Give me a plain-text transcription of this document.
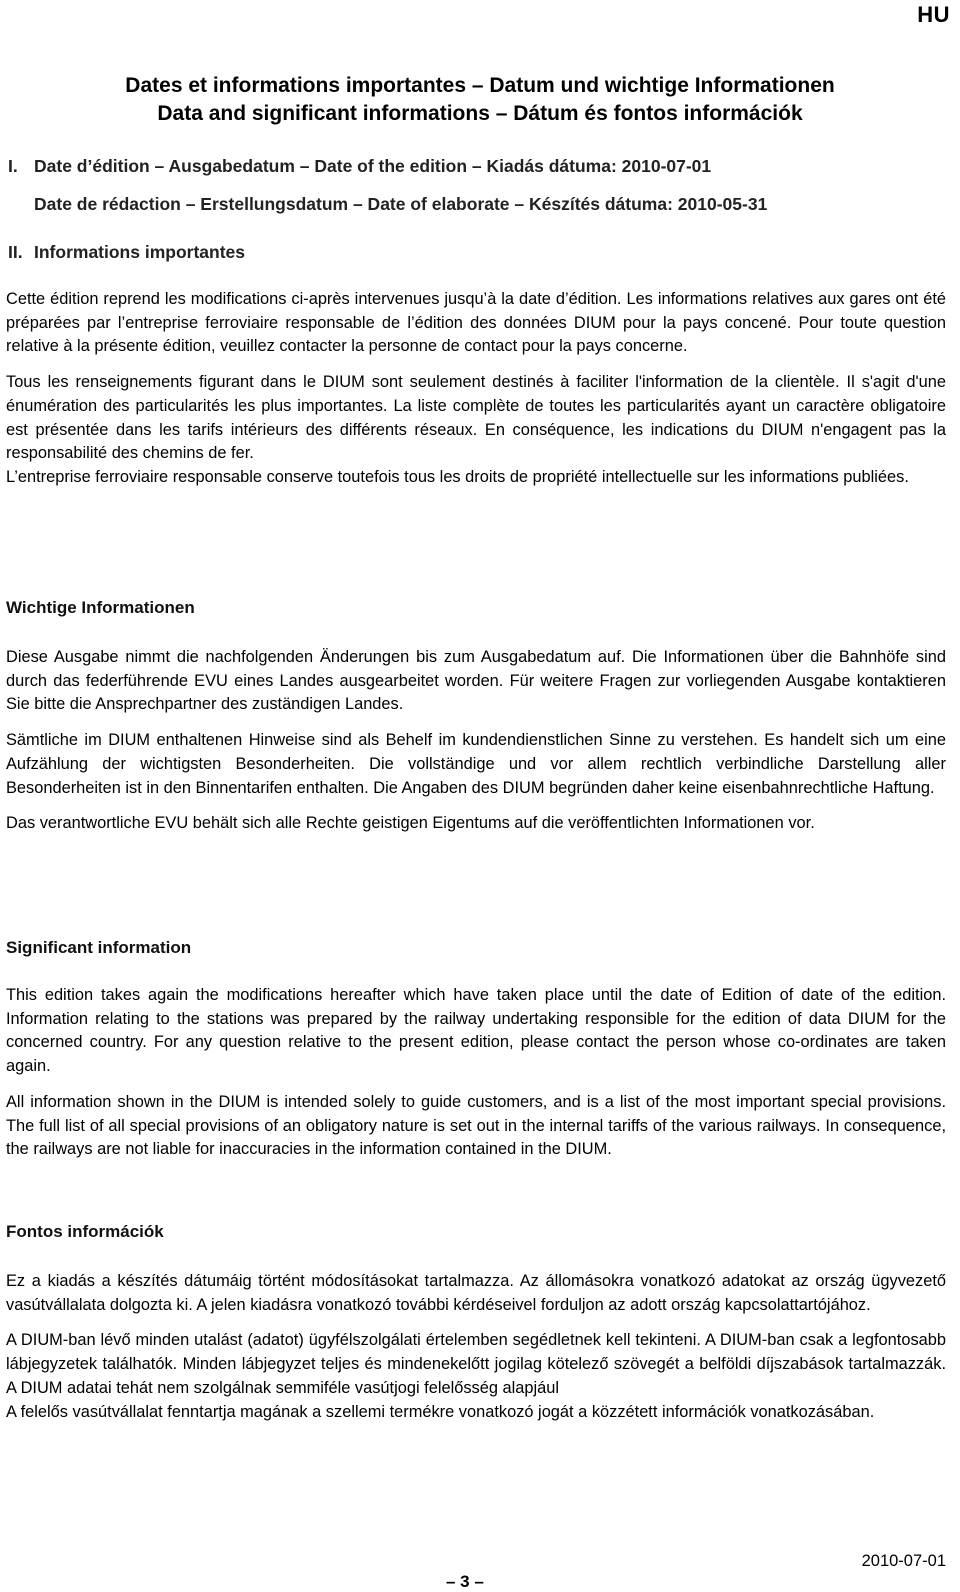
HU
Dates et informations importantes – Datum und wichtige Informationen
Data and significant informations – Dátum és fontos információk
I. Date d’édition – Ausgabedatum – Date of the edition – Kiadás dátuma: 2010-07-01
Date de rédaction – Erstellungsdatum – Date of elaborate – Készítés dátuma: 2010-05-31
II. Informations importantes

Cette édition reprend les modifications ci-après intervenues jusqu’à la date d’édition. Les informations relatives aux gares ont été préparées par l’entreprise ferroviaire responsable de l’édition des données DIUM pour la pays concené. Pour toute question relative à la présente édition, veuillez contacter la personne de contact pour la pays concerne.

Tous les renseignements figurant dans le DIUM sont seulement destinés à faciliter l'information de la clientèle. Il s'agit d'une énumération des particularités les plus importantes. La liste complète de toutes les particularités ayant un caractère obligatoire est présentée dans les tarifs intérieurs des différents réseaux. En conséquence, les indications du DIUM n'engagent pas la responsabilité des chemins de fer.

L’entreprise ferroviaire responsable conserve toutefois tous les droits de propriété intellectuelle sur les informations publiées.

Wichtige Informationen

Diese Ausgabe nimmt die nachfolgenden Änderungen bis zum Ausgabedatum auf. Die Informationen über die Bahnhöfe sind durch das federführende EVU eines Landes ausgearbeitet worden. Für weitere Fragen zur vorliegenden Ausgabe kontaktieren Sie bitte die Ansprechpartner des zuständigen Landes.

Sämtliche im DIUM enthaltenen Hinweise sind als Behelf im kundendienstlichen Sinne zu verstehen. Es handelt sich um eine Aufzählung der wichtigsten Besonderheiten. Die vollständige und vor allem rechtlich verbindliche Darstellung aller Besonderheiten ist in den Binnentarifen enthalten. Die Angaben des DIUM begründen daher keine eisenbahnrechtliche Haftung.

Das verantwortliche EVU behält sich alle Rechte geistigen Eigentums auf die veröffentlichten Informationen vor.

Significant information

This edition takes again the modifications hereafter which have taken place until the date of Edition of date of the edition. Information relating to the stations was prepared by the railway undertaking responsible for the edition of data DIUM for the concerned country. For any question relative to the present edition, please contact the person whose co-ordinates are taken again.

All information shown in the DIUM is intended solely to guide customers, and is a list of the most important special provisions. The full list of all special provisions of an obligatory nature is set out in the internal tariffs of the various railways. In consequence, the railways are not liable for inaccuracies in the information contained in the DIUM.

Fontos információk

Ez a kiadás a készítés dátumáig történt módosításokat tartalmazza. Az állomásokra vonatkozó adatokat az ország ügyvezető vasútvállalata dolgozta ki. A jelen kiadásra vonatkozó további kérdéseivel forduljon az adott ország kapcsolattartójához.

A DIUM-ban lévő minden utalást (adatot) ügyfélszolgálati értelemben segédletnek kell tekinteni. A DIUM-ban csak a legfontosabb lábjegyzetek találhatók. Minden lábjegyzet teljes és mindenekelőtt jogilag kötelező szövegét a belföldi díjszabások tartalmazzák. A DIUM adatai tehát nem szolgálnak semmiféle vasútjogi felelősség alapjául

A felelős vasútvállalat fenntartja magának a szellemi termékre vonatkozó jogát a közzétett információk vonatkozásában.

2010-07-01
– 3 –
